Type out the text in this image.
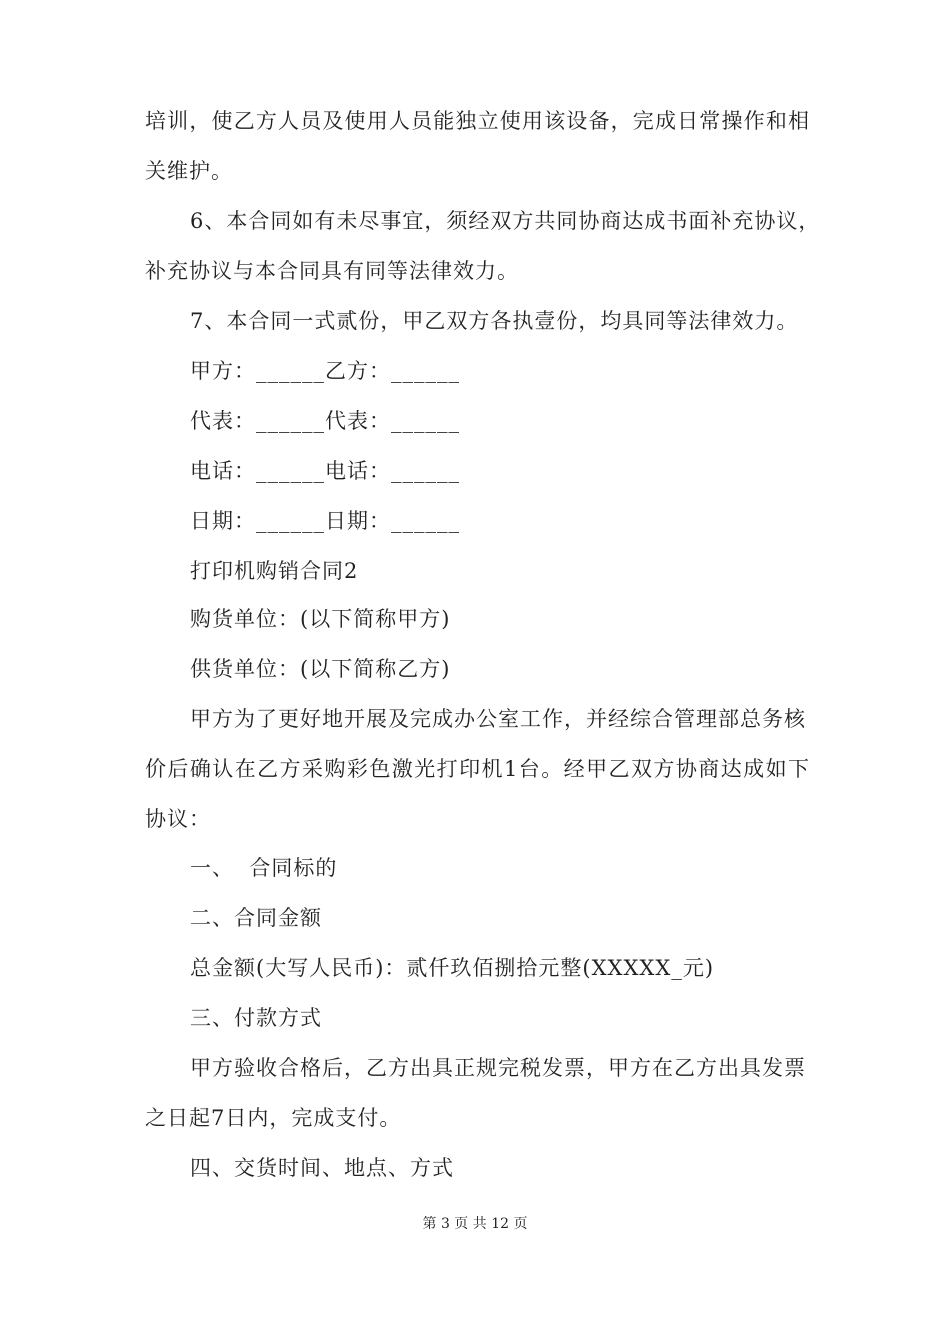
培训，使乙方人员及使用人员能独立使用该设备，完成日常操作和相
关维护。
6、本合同如有未尽事宜，须经双方共同协商达成书面补充协议，
补充协议与本合同具有同等法律效力。
7、本合同一式贰份，甲乙双方各执壹份，均具同等法律效力。
甲方：______乙方：______
代表：______代表：______
电话：______电话：______
日期：______日期：______
打印机购销合同2
购货单位：(以下简称甲方)
供货单位：(以下简称乙方)
甲方为了更好地开展及完成办公室工作，并经综合管理部总务核
价后确认在乙方采购彩色激光打印机1台。经甲乙双方协商达成如下
协议：
一、  合同标的
二、合同金额
总金额(大写人民币)：贰仟玖佰捌拾元整(XXXXX_元)
三、付款方式
甲方验收合格后，乙方出具正规完税发票，甲方在乙方出具发票
之日起7日内，完成支付。
四、交货时间、地点、方式
第 3 页 共 12 页
